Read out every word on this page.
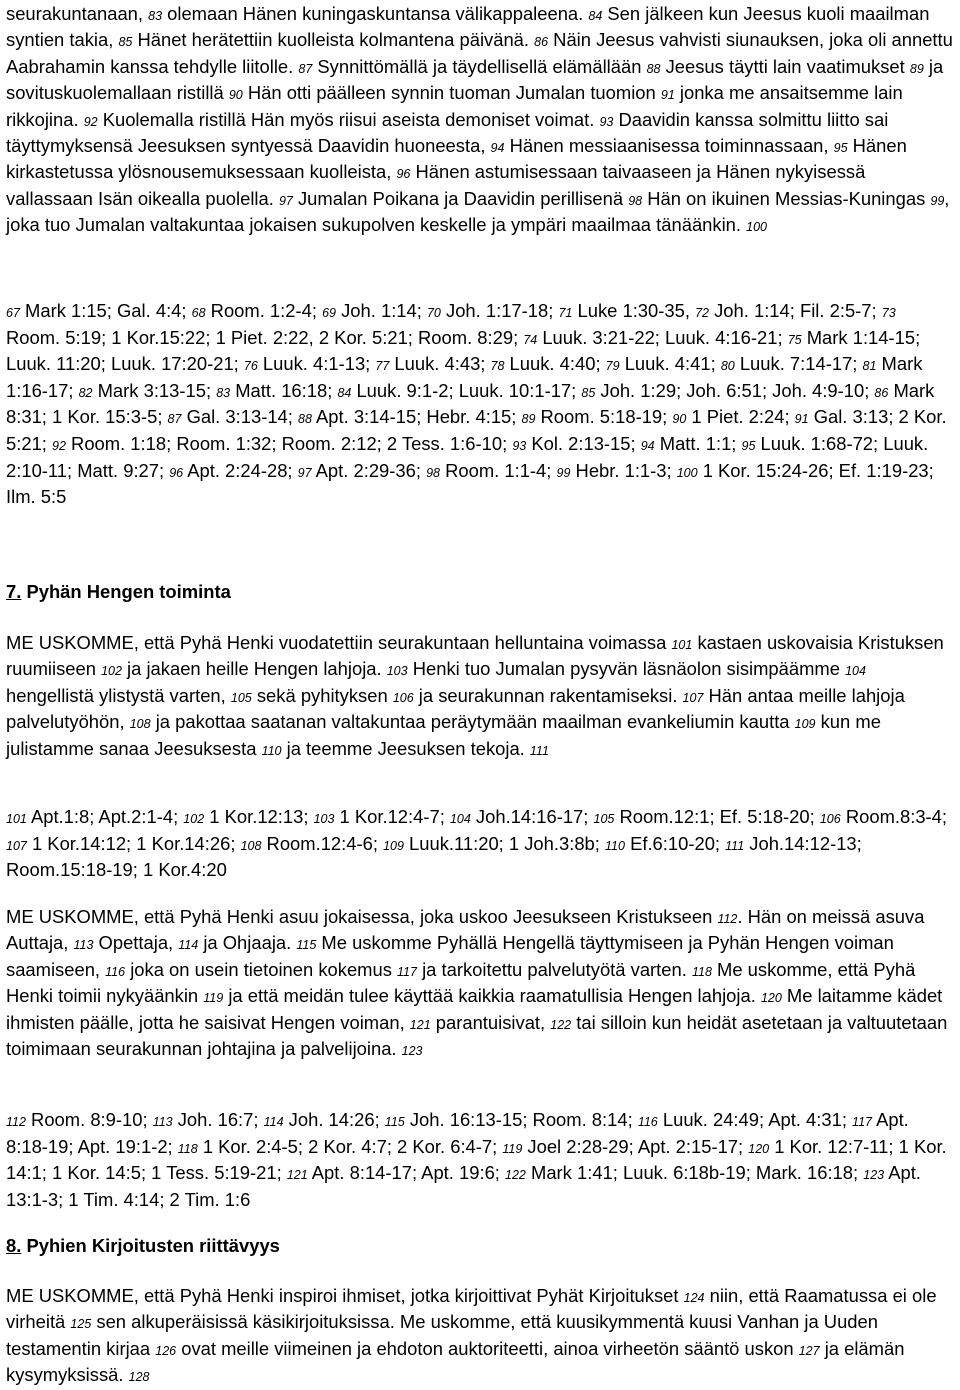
seurakuntanaan, 83 olemaan Hänen kuningaskuntansa välikappaleena. 84 Sen jälkeen kun Jeesus kuoli maailman syntien takia, 85 Hänet herätettiin kuolleista kolmantena päivänä. 86 Näin Jeesus vahvisti siunauksen, joka oli annettu Aabrahamin kanssa tehdylle liitolle. 87 Synnittömällä ja täydellisellä elämällään 88 Jeesus täytti lain vaatimukset 89 ja sovituskuolemallaan ristillä 90 Hän otti päälleen synnin tuoman Jumalan tuomion 91 jonka me ansaitsemme lain rikkojina. 92 Kuolemalla ristillä Hän myös riisui aseista demoniset voimat. 93 Daavidin kanssa solmittu liitto sai täyttymyksensä Jeesuksen syntyessä Daavidin huoneesta, 94 Hänen messiaanisessa toiminnassaan, 95 Hänen kirkastetussa ylösnousemuksessaan kuolleista, 96 Hänen astumisessaan taivaaseen ja Hänen nykyisessä vallassaan Isän oikealla puolella. 97 Jumalan Poikana ja Daavidin perillisenä 98 Hän on ikuinen Messias-Kuningas 99, joka tuo Jumalan valtakuntaa jokaisen sukupolven keskelle ja ympäri maailmaa tänäänkin. 100

67 Mark 1:15; Gal. 4:4; 68 Room. 1:2-4; 69 Joh. 1:14; 70 Joh. 1:17-18; 71 Luke 1:30-35, 72 Joh. 1:14; Fil. 2:5-7; 73 Room. 5:19; 1 Kor.15:22; 1 Piet. 2:22, 2 Kor. 5:21; Room. 8:29; 74 Luuk. 3:21-22; Luuk. 4:16-21; 75 Mark 1:14-15; Luuk. 11:20; Luuk. 17:20-21; 76 Luuk. 4:1-13; 77 Luuk. 4:43; 78 Luuk. 4:40; 79 Luuk. 4:41; 80 Luuk. 7:14-17; 81 Mark 1:16-17; 82 Mark 3:13-15; 83 Matt. 16:18; 84 Luuk. 9:1-2; Luuk. 10:1-17; 85 Joh. 1:29; Joh. 6:51; Joh. 4:9-10; 86 Mark 8:31; 1 Kor. 15:3-5; 87 Gal. 3:13-14; 88 Apt. 3:14-15; Hebr. 4:15; 89 Room. 5:18-19; 90 1 Piet. 2:24; 91 Gal. 3:13; 2 Kor. 5:21; 92 Room. 1:18; Room. 1:32; Room. 2:12; 2 Tess. 1:6-10; 93 Kol. 2:13-15; 94 Matt. 1:1; 95 Luuk. 1:68-72; Luuk. 2:10-11; Matt. 9:27; 96 Apt. 2:24-28; 97 Apt. 2:29-36; 98 Room. 1:1-4; 99 Hebr. 1:1-3; 100 1 Kor. 15:24-26; Ef. 1:19-23; Ilm. 5:5

7. Pyhän Hengen toiminta

ME USKOMME, että Pyhä Henki vuodatettiin seurakuntaan helluntaina voimassa 101 kastaen uskovaisia Kristuksen ruumiiseen 102 ja jakaen heille Hengen lahjoja. 103 Henki tuo Jumalan pysyvän läsnäolon sisimpäämme 104 hengellistä ylistystä varten, 105 sekä pyhityksen 106 ja seurakunnan rakentamiseksi. 107 Hän antaa meille lahjoja palvelutyöhön, 108 ja pakottaa saatanan valtakuntaa peräytymään maailman evankeliumin kautta 109 kun me julistamme sanaa Jeesuksesta 110 ja teemme Jeesuksen tekoja. 111

101 Apt.1:8; Apt.2:1-4; 102 1 Kor.12:13; 103 1 Kor.12:4-7; 104 Joh.14:16-17; 105 Room.12:1; Ef. 5:18-20; 106 Room.8:3-4; 107 1 Kor.14:12; 1 Kor.14:26; 108 Room.12:4-6; 109 Luuk.11:20; 1 Joh.3:8b; 110 Ef.6:10-20; 111 Joh.14:12-13; Room.15:18-19; 1 Kor.4:20

ME USKOMME, että Pyhä Henki asuu jokaisessa, joka uskoo Jeesukseen Kristukseen 112. Hän on meissä asuva Auttaja, 113 Opettaja, 114 ja Ohjaaja. 115 Me uskomme Pyhällä Hengellä täyttymiseen ja Pyhän Hengen voiman saamiseen, 116 joka on usein tietoinen kokemus 117 ja tarkoitettu palvelutyötä varten. 118 Me uskomme, että Pyhä Henki toimii nykyäänkin 119 ja että meidän tulee käyttää kaikkia raamatullisia Hengen lahjoja. 120 Me laitamme kädet ihmisten päälle, jotta he saisivat Hengen voiman, 121 parantuisivat, 122 tai silloin kun heidät asetetaan ja valtuutetaan toimimaan seurakunnan johtajina ja palvelijoina. 123

112 Room. 8:9-10; 113 Joh. 16:7; 114 Joh. 14:26; 115 Joh. 16:13-15; Room. 8:14; 116 Luuk. 24:49; Apt. 4:31; 117 Apt. 8:18-19; Apt. 19:1-2; 118 1 Kor. 2:4-5; 2 Kor. 4:7; 2 Kor. 6:4-7; 119 Joel 2:28-29; Apt. 2:15-17; 120 1 Kor. 12:7-11; 1 Kor. 14:1; 1 Kor. 14:5; 1 Tess. 5:19-21; 121 Apt. 8:14-17; Apt. 19:6; 122 Mark 1:41; Luuk. 6:18b-19; Mark. 16:18; 123 Apt. 13:1-3; 1 Tim. 4:14; 2 Tim. 1:6

8. Pyhien Kirjoitusten riittävyys

ME USKOMME, että Pyhä Henki inspiroi ihmiset, jotka kirjoittivat Pyhät Kirjoitukset 124 niin, että Raamatussa ei ole virheitä 125 sen alkuperäisissä käsikirjoituksissa. Me uskomme, että kuusikymmentä kuusi Vanhan ja Uuden testamentin kirjaa 126 ovat meille viimeinen ja ehdoton auktoriteetti, ainoa virheetön sääntö uskon 127 ja elämän kysymyksissä. 128
